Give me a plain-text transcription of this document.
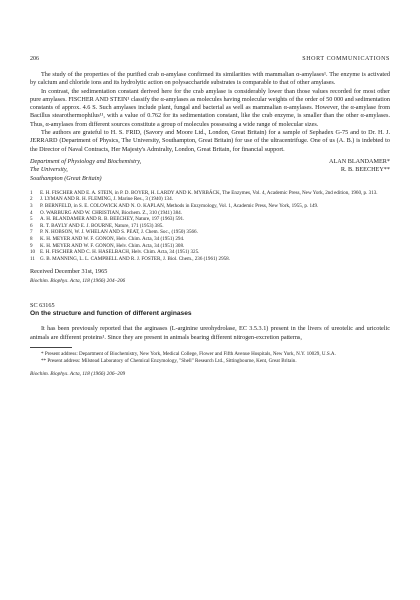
206	SHORT COMMUNICATIONS

The study of the properties of the purified crab α-amylase confirmed its similarities with mammalian α-amylases¹. The enzyme is activated by calcium and chloride ions and its hydrolytic action on polysaccharide substrates is comparable to that of other amylases.

In contrast, the sedimentation constant derived here for the crab amylase is considerably lower than those values recorded for most other pure amylases. FISCHER AND STEIN¹ classify the α-amylases as molecules having molecular weights of the order of 50 000 and sedimentation constants of approx. 4.6 S. Such amylases include plant, fungal and bacterial as well as mammalian α-amylases. However, the α-amylase from Bacillus stearothermophilus¹¹, with a value of 0.762 for its sedimentation constant, like the crab enzyme, is smaller than the other α-amylases. Thus, α-amylases from different sources constitute a group of molecules possessing a wide range of molecular sizes.

The authors are grateful to H. S. FRID, (Savory and Moore Ltd., London, Great Britain) for a sample of Sephadex G-75 and to Dr. H. J. JERRARD (Department of Physics, The University, Southampton, Great Britain) for use of the ultracentrifuge. One of us (A. B.) is indebted to the Director of Naval Contracts, Her Majesty's Admiralty, London, Great Britain, for financial support.

Department of Physiology and Biochemistry,
The University,
Southampton (Great Britain)
ALAN BLANDAMER*
R. B. BEECHEY**
1	E. H. FISCHER AND E. A. STEIN, in P. D. BOYER, H. LARDY AND K. MYRBÄCK, The Enzymes, Vol. 4, Academic Press, New York, 2nd edition, 1960, p. 313.
2	J. LYMAN AND R. H. FLEMING, J. Marine Res., 3 (1940) 134.
3	P. BERNFELD, in S. E. COLOWICK AND N. O. KAPLAN, Methods in Enzymology, Vol. 1, Academic Press, New York, 1955, p. 149.
4	O. WARBURG AND W. CHRISTIAN, Biochem. Z., 310 (1941) 384.
5	A. H. BLANDAMER AND R. B. BEECHEY, Nature, 197 (1963) 591.
6	R. T. BAYLY AND E. J. BOURNE, Nature, 171 (1953) 385.
7	P. N. HOBSON, W. J. WHELAN AND S. PEAT, J. Chem. Soc., (1950) 3566.
8	K. H. MEYER AND W. F. GONON, Helv. Chim. Acta, 34 (1951) 294.
9	K. H. MEYER AND W. F. GONON, Helv. Chim. Acta, 34 (1951) 308.
10 E. H. FISCHER AND C. H. HASELBACH, Helv. Chim. Acta, 34 (1951) 325.
11 G. B. MANNING, L. L. CAMPBELL AND R. J. FOSTER, J. Biol. Chem., 236 (1961) 2958.
Received December 31st, 1965
Biochim. Biophys. Acta, 118 (1966) 204–206
SC 63165
On the structure and function of different arginases

It has been previously reported that the arginases (L-arginine ureohydrolase, EC 3.5.3.1) present in the livers of ureotelic and uricotelic animals are different proteins¹. Since they are present in animals bearing different nitrogen-excretion patterns,

* Present address: Department of Biochemistry, New York, Medical College, Flower and Fifth Avenue Hospitals, New York, N.Y. 10029, U.S.A.

** Present address: Milstead Laboratory of Chemical Enzymology, "Shell" Research Ltd., Sittingbourne, Kent, Great Britain.

Biochim. Biophys. Acta, 118 (1966) 206–209
